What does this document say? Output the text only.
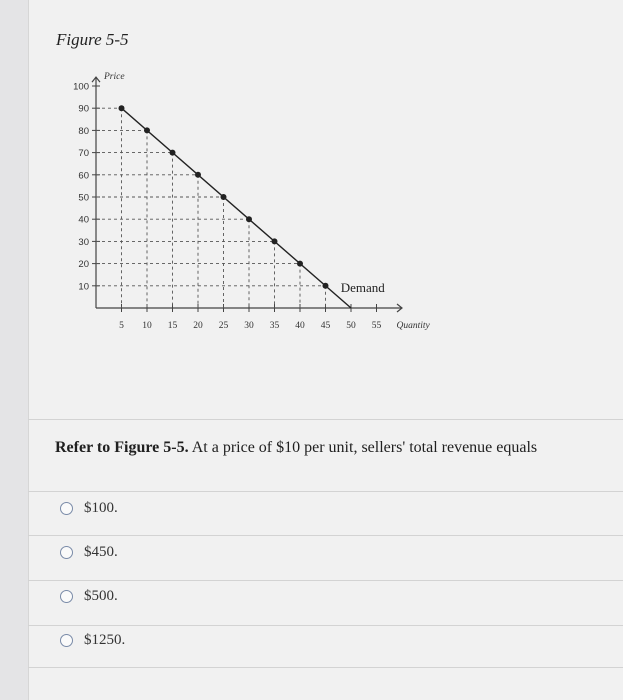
Figure 5-5
100
90
80
70
60
50
40
30
20
10
5 10 15 20 25 30 35 40 45 50 55
Price
Quantity
Demand
Refer to Figure 5-5. At a price of $10 per unit, sellers' total revenue equals
$100.
$450.
$500.
$1250.
